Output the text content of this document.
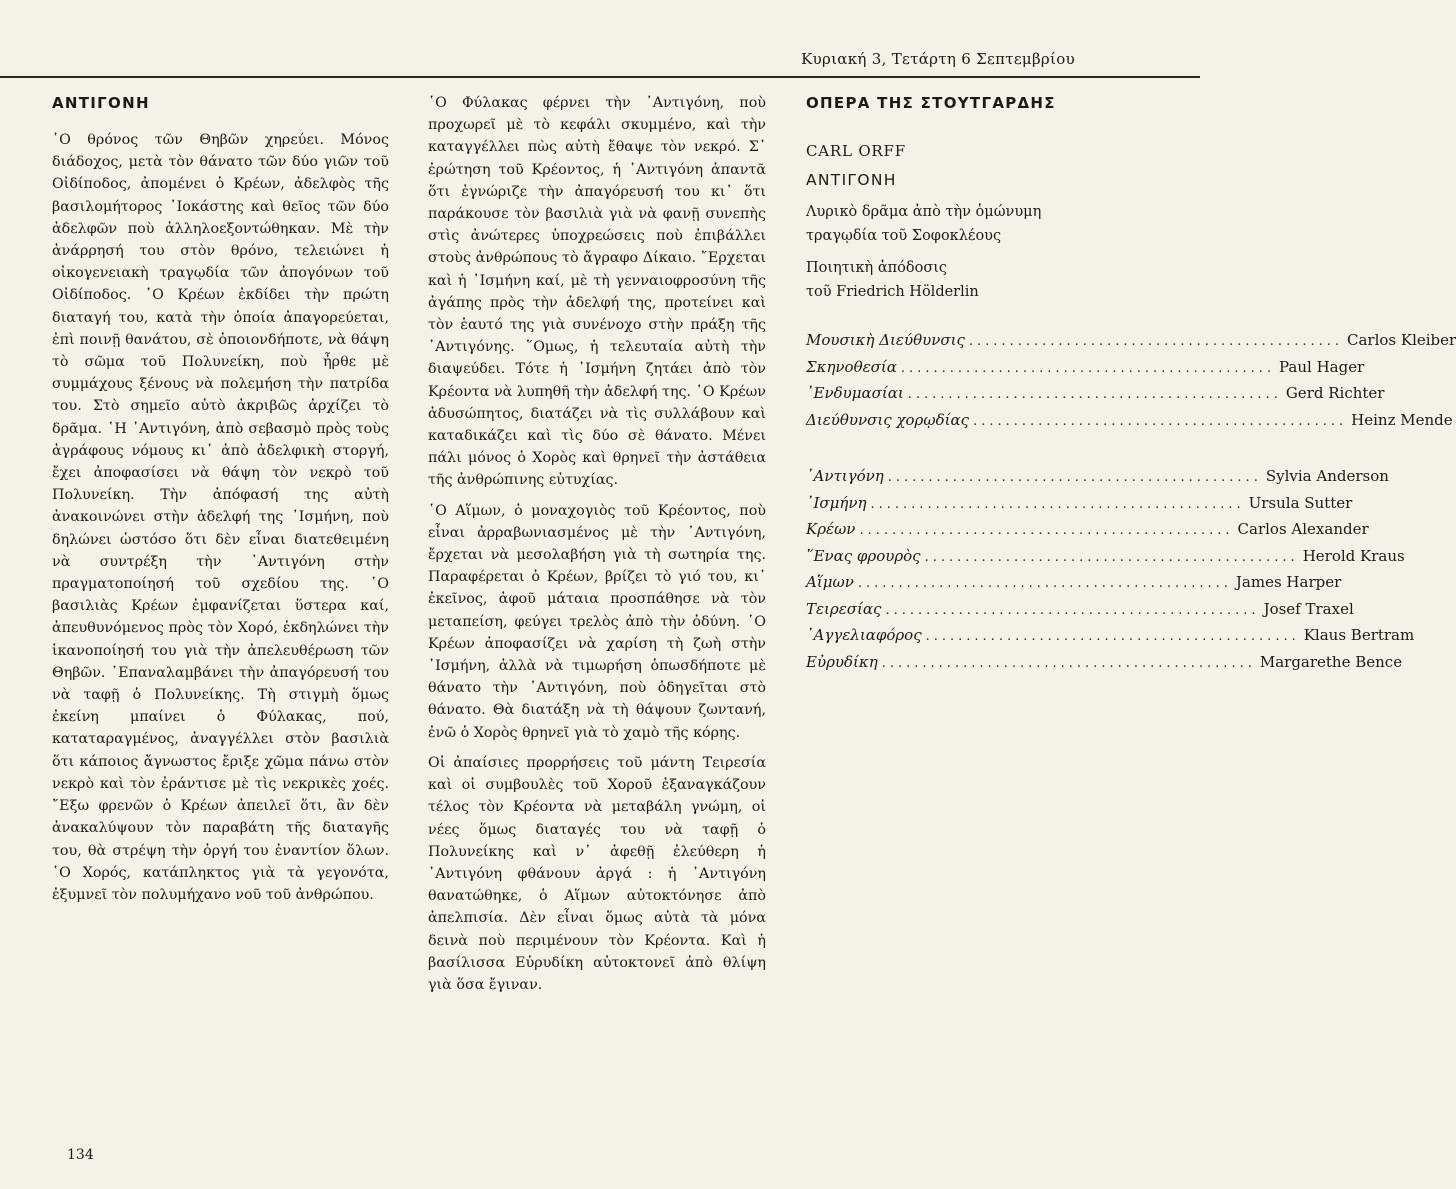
Κυριακή 3, Τετάρτη 6 Σεπτεμβρίου
ΑΝΤΙΓΟΝΗ

῾Ο θρόνος τῶν Θηβῶν χηρεύει. Μόνος διάδοχος, μετὰ τὸν θάνατο τῶν δύο γιῶν τοῦ Οἰδίποδος, ἀπομένει ὁ Κρέων, ἀδελφὸς τῆς βασιλομήτορος ᾿Ιοκάστης καὶ θεῖος τῶν δύο ἀδελφῶν ποὺ ἀλληλοεξοντώθηκαν. Μὲ τὴν ἀνάρρησή του στὸν θρόνο, τελειώνει ἡ οἰκογενειακὴ τραγῳδία τῶν ἀπογόνων τοῦ Οἰδίποδος. ῾Ο Κρέων ἐκδίδει τὴν πρώτη διαταγή του, κατὰ τὴν ὁποία ἀπαγορεύεται, ἐπὶ ποινῇ θανάτου, σὲ ὁποιονδήποτε, νὰ θάψη τὸ σῶμα τοῦ Πολυνείκη, ποὺ ἦρθε μὲ συμμάχους ξένους νὰ πολεμήση τὴν πατρίδα του. Στὸ σημεῖο αὐτὸ ἀκριβῶς ἀρχίζει τὸ δρᾶμα. ῾Η ᾿Αντιγόνη, ἀπὸ σεβασμὸ πρὸς τοὺς ἀγράφους νόμους κι᾿ ἀπὸ ἀδελφικὴ στοργή, ἔχει ἀποφασίσει νὰ θάψη τὸν νεκρὸ τοῦ Πολυνείκη. Τὴν ἀπόφασή της αὐτὴ ἀνακοινώνει στὴν ἀδελφή της ᾿Ισμήνη, ποὺ δηλώνει ὡστόσο ὅτι δὲν εἶναι διατεθειμένη νὰ συντρέξη τὴν ᾿Αντιγόνη στὴν πραγματοποίησή τοῦ σχεδίου της. ῾Ο βασιλιὰς Κρέων ἐμφανίζεται ὕστερα καί, ἀπευθυνόμενος πρὸς τὸν Χορό, ἐκδηλώνει τὴν ἱκανοποίησή του γιὰ τὴν ἀπελευθέρωση τῶν Θηβῶν. ᾿Επαναλαμβάνει τὴν ἀπαγόρευσή του νὰ ταφῇ ὁ Πολυνείκης. Τὴ στιγμὴ ὅμως ἐκείνη μπαίνει ὁ Φύλακας, πού, καταταραγμένος, ἀναγγέλλει στὸν βασιλιὰ ὅτι κάποιος ἄγνωστος ἔριξε χῶμα πάνω στὸν νεκρὸ καὶ τὸν ἐράντισε μὲ τὶς νεκρικὲς χοές. ῎Εξω φρενῶν ὁ Κρέων ἀπειλεῖ ὅτι, ἂν δὲν ἀνακαλύψουν τὸν παραβάτη τῆς διαταγῆς του, θὰ στρέψη τὴν ὀργή του ἐναντίον ὅλων. ῾Ο Χορός, κατάπληκτος γιὰ τὰ γεγονότα, ἐξυμνεῖ τὸν πολυμήχανο νοῦ τοῦ ἀνθρώπου.

῾Ο Φύλακας φέρνει τὴν ᾿Αντιγόνη, ποὺ προχωρεῖ μὲ τὸ κεφάλι σκυμμένο, καὶ τὴν καταγγέλλει πὼς αὐτὴ ἔθαψε τὸν νεκρό. Σ᾿ ἐρώτηση τοῦ Κρέοντος, ἡ ᾿Αντιγόνη ἀπαντᾶ ὅτι ἐγνώριζε τὴν ἀπαγόρευσή του κι᾿ ὅτι παράκουσε τὸν βασιλιὰ γιὰ νὰ φανῇ συνεπὴς στὶς ἀνώτερες ὑποχρεώσεις ποὺ ἐπιβάλλει στοὺς ἀνθρώπους τὸ ἄγραφο Δίκαιο. ῎Ερχεται καὶ ἡ ᾿Ισμήνη καί, μὲ τὴ γενναιοφροσύνη τῆς ἀγάπης πρὸς τὴν ἀδελφή της, προτείνει καὶ τὸν ἑαυτό της γιὰ συνένοχο στὴν πράξη τῆς ᾿Αντιγόνης. ῞Ομως, ἡ τελευταία αὐτὴ τὴν διαψεύδει. Τότε ἡ ᾿Ισμήνη ζητάει ἀπὸ τὸν Κρέοντα νὰ λυπηθῆ τὴν ἀδελφή της. ῾Ο Κρέων ἀδυσώπητος, διατάζει νὰ τὶς συλλάβουν καὶ καταδικάζει καὶ τὶς δύο σὲ θάνατο. Μένει πάλι μόνος ὁ Χορὸς καὶ θρηνεῖ τὴν ἀστάθεια τῆς ἀνθρώπινης εὐτυχίας.

῾Ο Αἵμων, ὁ μοναχογιὸς τοῦ Κρέοντος, ποὺ εἶναι ἀρραβωνιασμένος μὲ τὴν ᾿Αντιγόνη, ἔρχεται νὰ μεσολαβήση γιὰ τὴ σωτηρία της. Παραφέρεται ὁ Κρέων, βρίζει τὸ γιό του, κι᾿ ἐκεῖνος, ἀφοῦ μάταια προσπάθησε νὰ τὸν μεταπείση, φεύγει τρελὸς ἀπὸ τὴν ὀδύνη. ῾Ο Κρέων ἀποφασίζει νὰ χαρίση τὴ ζωὴ στὴν ᾿Ισμήνη, ἀλλὰ νὰ τιμωρήση ὁπωσδήποτε μὲ θάνατο τὴν ᾿Αντιγόνη, ποὺ ὁδηγεῖται στὸ θάνατο. Θὰ διατάξη νὰ τὴ θάψουν ζωντανή, ἐνῶ ὁ Χορὸς θρηνεῖ γιὰ τὸ χαμὸ τῆς κόρης.

Οἱ ἀπαίσιες προρρήσεις τοῦ μάντη Τειρεσία καὶ οἱ συμβουλὲς τοῦ Χοροῦ ἐξαναγκάζουν τέλος τὸν Κρέοντα νὰ μεταβάλη γνώμη, οἱ νέες ὅμως διαταγές του νὰ ταφῇ ὁ Πολυνείκης καὶ ν᾿ ἀφεθῇ ἐλεύθερη ἡ ᾿Αντιγόνη φθάνουν ἀργά : ἡ ᾿Αντιγόνη θανατώθηκε, ὁ Αἵμων αὐτοκτόνησε ἀπὸ ἀπελπισία. Δὲν εἶναι ὅμως αὐτὰ τὰ μόνα δεινὰ ποὺ περιμένουν τὸν Κρέοντα. Καὶ ἡ βασίλισσα Εὐρυδίκη αὐτοκτονεῖ ἀπὸ θλίψη γιὰ ὅσα ἔγιναν.

ΟΠΕΡΑ ΤΗΣ ΣΤΟΥΤΓΑΡΔΗΣ
CARL ORFF
ΑΝΤΙΓΟΝΗ
Λυρικὸ δρᾶμα ἀπὸ τὴν ὁμώνυμη
τραγῳδία τοῦ Σοφοκλέους
Ποιητικὴ ἀπόδοσις
τοῦ Friedrich Hölderlin
Μουσικὴ Διεύθυνσις .............................................. Carlos Kleiber
Σκηνοθεσία .............................................. Paul Hager
᾿Ενδυμασίαι .............................................. Gerd Richter
Διεύθυνσις χορῳδίας .............................................. Heinz Mende
᾿Αντιγόνη .............................................. Sylvia Anderson
᾿Ισμήνη .............................................. Ursula Sutter
Κρέων .............................................. Carlos Alexander
῞Ενας φρουρὸς .............................................. Herold Kraus
Αἵμων .............................................. James Harper
Τειρεσίας .............................................. Josef Traxel
᾿Αγγελιαφόρος .............................................. Klaus Bertram
Εὐρυδίκη .............................................. Margarethe Bence
134
